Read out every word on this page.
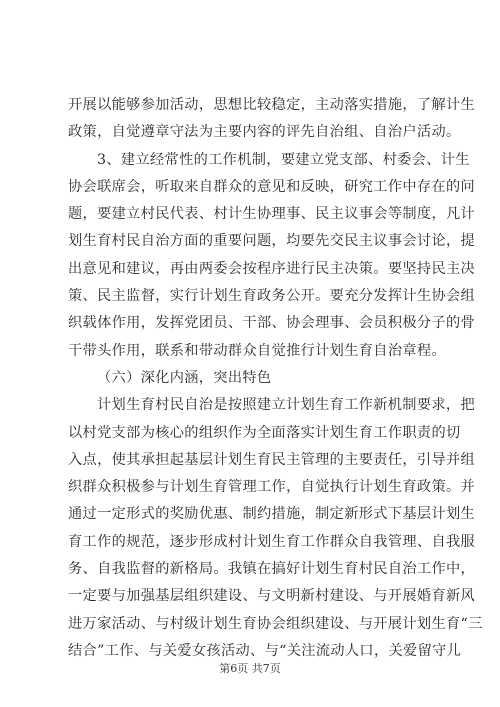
开展以能够参加活动，思想比较稳定，主动落实措施，了解计生
政策，自觉遵章守法为主要内容的评先自治组、自治户活动。
3、建立经常性的工作机制，要建立党支部、村委会、计生
协会联席会，听取来自群众的意见和反映，研究工作中存在的问
题，要建立村民代表、村计生协理事、民主议事会等制度，凡计
划生育村民自治方面的重要问题，均要先交民主议事会讨论，提
出意见和建议，再由两委会按程序进行民主决策。要坚持民主决
策、民主监督，实行计划生育政务公开。要充分发挥计生协会组
织载体作用，发挥党团员、干部、协会理事、会员积极分子的骨
干带头作用，联系和带动群众自觉推行计划生育自治章程。
（六）深化内涵，突出特色
计划生育村民自治是按照建立计划生育工作新机制要求，把
以村党支部为核心的组织作为全面落实计划生育工作职责的切
入点，使其承担起基层计划生育民主管理的主要责任，引导并组
织群众积极参与计划生育管理工作，自觉执行计划生育政策。并
通过一定形式的奖励优惠、制约措施，制定新形式下基层计划生
育工作的规范，逐步形成村计划生育工作群众自我管理、自我服
务、自我监督的新格局。我镇在搞好计划生育村民自治工作中，
一定要与加强基层组织建设、与文明新村建设、与开展婚育新风
进万家活动、与村级计划生育协会组织建设、与开展计划生育“三
结合”工作、与关爱女孩活动、与“关注流动人口，关爱留守儿
第6页 共7页
